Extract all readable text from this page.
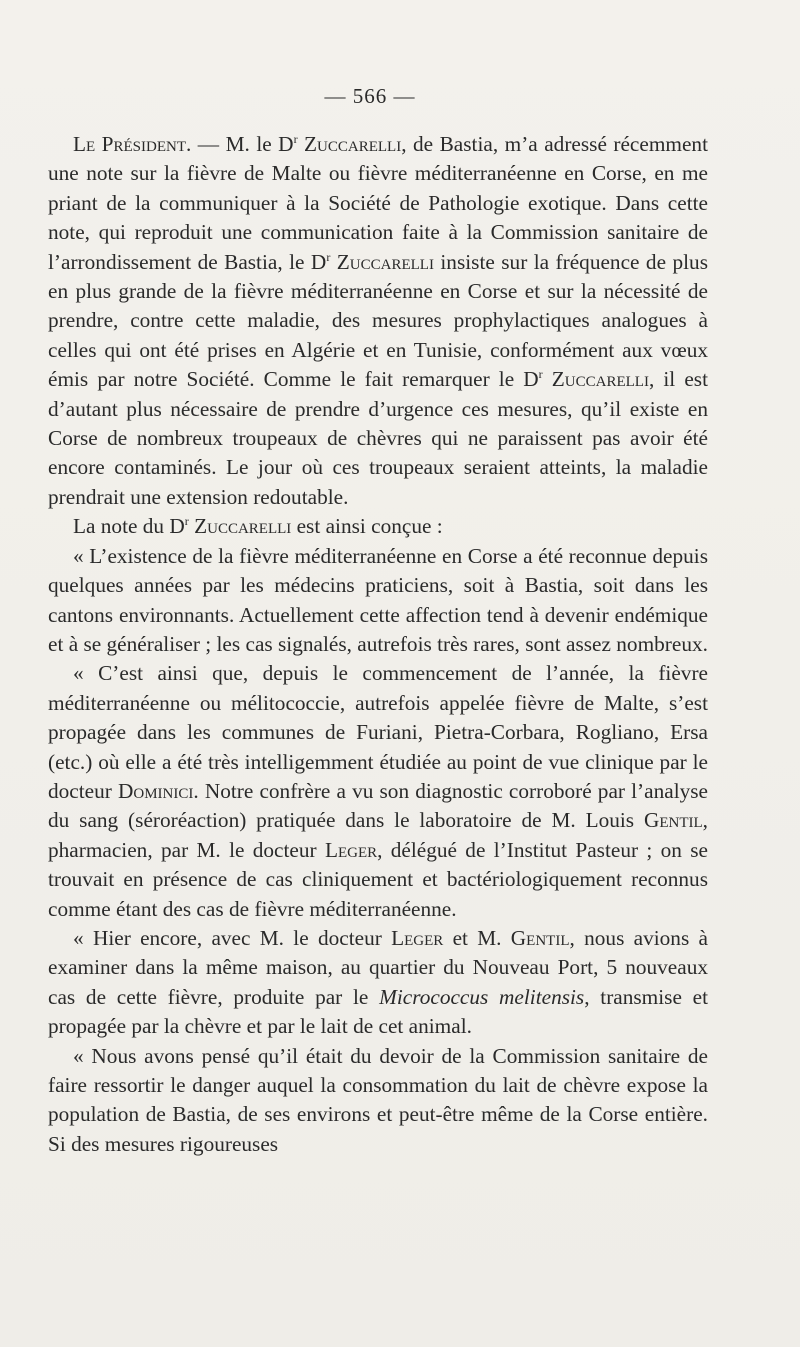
— 566 —

Le Président. — M. le $D^r$ Zuccarelli, de Bastia, m’a adressé récemment une note sur la fièvre de Malte ou fièvre méditerranéenne en Corse, en me priant de la communiquer à la Société de Pathologie exotique. Dans cette note, qui reproduit une communication faite à la Commission sanitaire de l’arrondissement de Bastia, le $D^r$ Zuccarelli insiste sur la fréquence de plus en plus grande de la fièvre méditerranéenne en Corse et sur la nécessité de prendre, contre cette maladie, des mesures prophylactiques analogues à celles qui ont été prises en Algérie et en Tunisie, conformément aux vœux émis par notre Société. Comme le fait remarquer le $D^r$ Zuccarelli, il est d’autant plus nécessaire de prendre d’urgence ces mesures, qu’il existe en Corse de nombreux troupeaux de chèvres qui ne paraissent pas avoir été encore contaminés. Le jour où ces troupeaux seraient atteints, la maladie prendrait une extension redoutable.

La note du $D^r$ Zuccarelli est ainsi conçue :

« L’existence de la fièvre méditerranéenne en Corse a été reconnue depuis quelques années par les médecins praticiens, soit à Bastia, soit dans les cantons environnants. Actuellement cette affection tend à devenir endémique et à se généraliser ; les cas signalés, autrefois très rares, sont assez nombreux.

« C’est ainsi que, depuis le commencement de l’année, la fièvre méditerranéenne ou mélitococcie, autrefois appelée fièvre de Malte, s’est propagée dans les communes de Furiani, Pietra-Corbara, Rogliano, Ersa (etc.) où elle a été très intelligemment étudiée au point de vue clinique par le docteur Dominici. Notre confrère a vu son diagnostic corroboré par l’analyse du sang (séroréaction) pratiquée dans le laboratoire de M. Louis Gentil, pharmacien, par M. le docteur Leger, délégué de l’Institut Pasteur ; on se trouvait en présence de cas cliniquement et bactériologiquement reconnus comme étant des cas de fièvre méditerranéenne.

« Hier encore, avec M. le docteur Leger et M. Gentil, nous avions à examiner dans la même maison, au quartier du Nouveau Port, 5 nouveaux cas de cette fièvre, produite par le Micrococcus melitensis, transmise et propagée par la chèvre et par le lait de cet animal.

« Nous avons pensé qu’il était du devoir de la Commission sanitaire de faire ressortir le danger auquel la consommation du lait de chèvre expose la population de Bastia, de ses environs et peut-être même de la Corse entière. Si des mesures rigoureuses
